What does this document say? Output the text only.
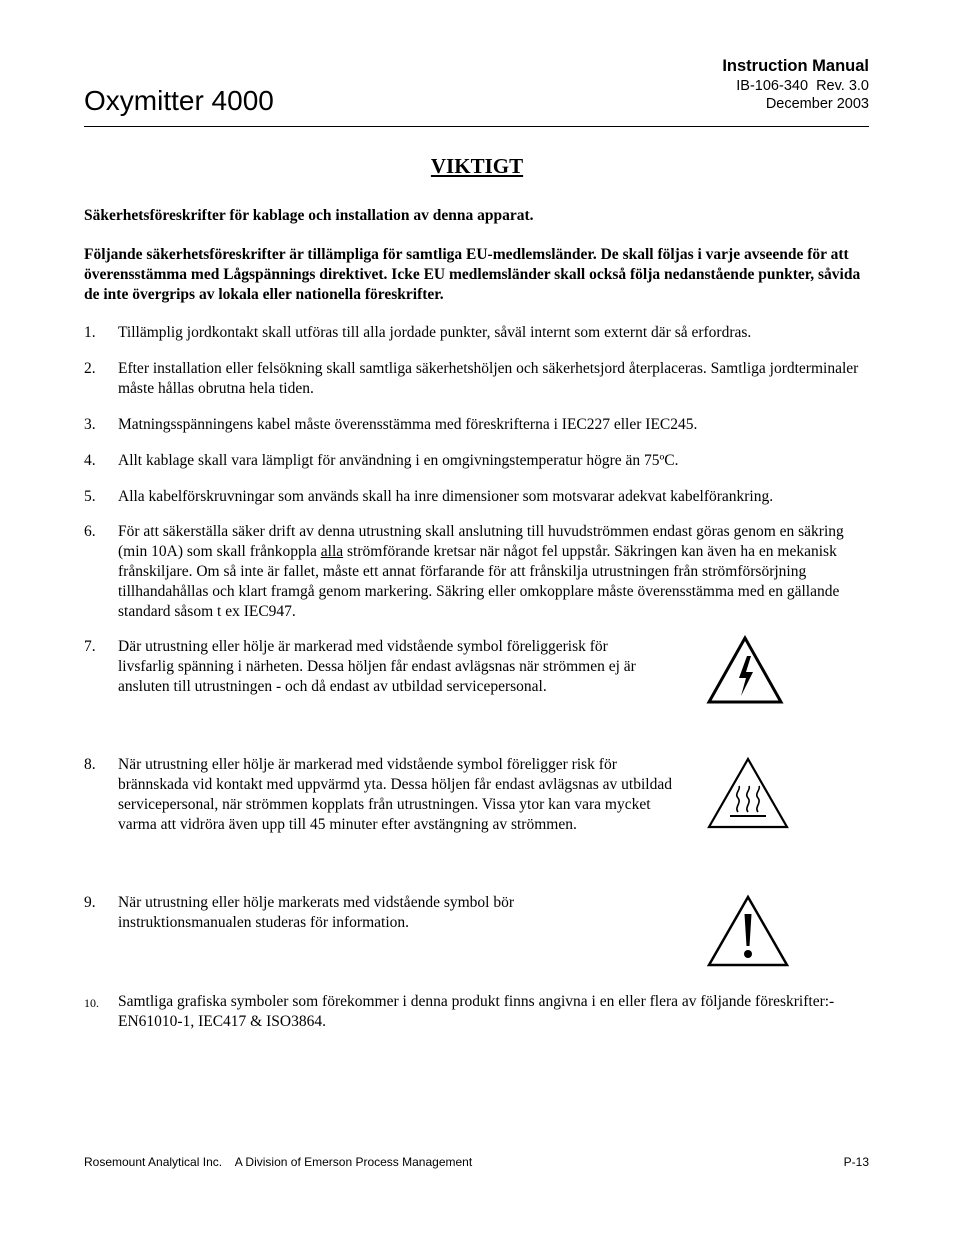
Oxymitter 4000
Instruction Manual
IB-106-340  Rev. 3.0
December 2003
VIKTIGT
Säkerhetsföreskrifter för kablage och installation av denna apparat.
Följande säkerhetsföreskrifter är tillämpliga för samtliga EU-medlemsländer. De skall följas i varje avseende för att överensstämma med Lågspännings direktivet. Icke EU medlemsländer skall också följa nedanstående punkter, såvida de inte övergrips av lokala eller nationella föreskrifter.
1. Tillämplig jordkontakt skall utföras till alla jordade punkter, såväl internt som externt där så erfordras.
2. Efter installation eller felsökning skall samtliga säkerhetshöljen och säkerhetsjord återplaceras. Samtliga jordterminaler måste hållas obrutna hela tiden.
3. Matningsspänningens kabel måste överensstämma med föreskrifterna i IEC227 eller IEC245.
4. Allt kablage skall vara lämpligt för användning i en omgivningstemperatur högre än 75ºC.
5. Alla kabelförskruvningar som används skall ha inre dimensioner som motsvarar adekvat kabelförankring.
6. För att säkerställa säker drift av denna utrustning skall anslutning till huvudströmmen endast göras genom en säkring (min 10A) som skall frånkoppla alla strömförande kretsar när något fel uppstår. Säkringen kan även ha en mekanisk frånskiljare. Om så inte är fallet, måste ett annat förfarande för att frånskilja utrustningen från strömförsörjning tillhandahållas och klart framgå genom markering. Säkring eller omkopplare måste överensstämma med en gällande standard såsom t ex IEC947.
7. Där utrustning eller hölje är markerad med vidstående symbol föreliggerisk för livsfarlig spänning i närheten. Dessa höljen får endast avlägsnas när strömmen ej är ansluten till utrustningen - och då endast av utbildad servicepersonal.
8. När utrustning eller hölje är markerad med vidstående symbol föreligger risk för brännskada vid kontakt med uppvärmd yta. Dessa höljen får endast avlägsnas av utbildad servicepersonal, när strömmen kopplats från utrustningen. Vissa ytor kan vara mycket varma att vidröra även upp till 45 minuter efter avstängning av strömmen.
9. När utrustning eller hölje markerats med vidstående symbol bör instruktionsmanualen studeras för information.
10. Samtliga grafiska symboler som förekommer i denna produkt finns angivna i en eller flera av följande föreskrifter:- EN61010-1, IEC417 & ISO3864.
Rosemount Analytical Inc.    A Division of Emerson Process Management	P-13
